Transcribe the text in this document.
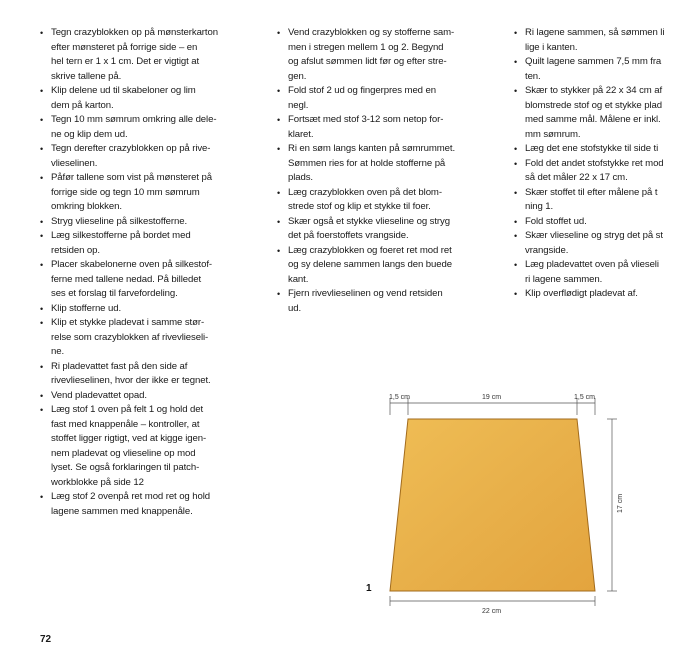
• Tegn crazyblokken op på mønsterkarton
efter mønsteret på forrige side – en
hel tern er 1 x 1 cm. Det er vigtigt at
skrive tallene på.
• Klip delene ud til skabeloner og lim
dem på karton.
• Tegn 10 mm sømrum omkring alle dele-
ne og klip dem ud.
• Tegn derefter crazyblokken op på rive-
vlieselinen.
• Påfør tallene som vist på mønsteret på
forrige side og tegn 10 mm sømrum
omkring blokken.
• Stryg vlieseline på silkestofferne.
• Læg silkestofferne på bordet med
retsiden op.
• Placer skabelonerne oven på silkestof-
ferne med tallene nedad. På billedet
ses et forslag til farvefordeling.
• Klip stofferne ud.
• Klip et stykke pladevat i samme stør-
relse som crazyblokken af rivevlieseli-
ne.
• Ri pladevattet fast på den side af
rivevlieselinen, hvor der ikke er tegnet.
• Vend pladevattet opad.
• Læg stof 1 oven på felt 1 og hold det
fast med knappenåle – kontroller, at
stoffet ligger rigtigt, ved at kigge igen-
nem pladevat og vlieseline op mod
lyset. Se også forklaringen til patch-
workblokke på side 12
• Læg stof 2 ovenpå ret mod ret og hold
lagene sammen med knappenåle.
• Vend crazyblokken og sy stofferne sam-
men i stregen mellem 1 og 2. Begynd
og afslut sømmen lidt før og efter stre-
gen.
• Fold stof 2 ud og fingerpres med en
negl.
• Fortsæt med stof 3-12 som netop for-
klaret.
• Ri en søm langs kanten på sømrummet.
Sømmen ries for at holde stofferne på
plads.
• Læg crazyblokken oven på det blom-
strede stof og klip et stykke til foer.
• Skær også et stykke vlieseline og stryg
det på foerstoffets vrangside.
• Læg crazyblokken og foeret ret mod ret
og sy delene sammen langs den buede
kant.
• Fjern rivevlieselinen og vend retsiden
ud.
• Ri lagene sammen, så sømmen li
lige i kanten.
• Quilt lagene sammen 7,5 mm fra
ten.
• Skær to stykker på 22 x 34 cm af
blomstrede stof og et stykke plad
med samme mål. Målene er inkl.
mm sømrum.
• Læg det ene stofstykke til side ti
• Fold det andet stofstykke ret mod
så det måler 22 x 17 cm.
• Skær stoffet til efter målene på t
ning 1.
• Fold stoffet ud.
• Skær vlieseline og stryg det på st
vrangside.
• Læg pladevattet oven på vlieseli
ri lagene sammen.
• Klip overflødigt pladevat af.
1,5 cm	19 cm	1,5 cm
17 cm
22 cm
1
72
